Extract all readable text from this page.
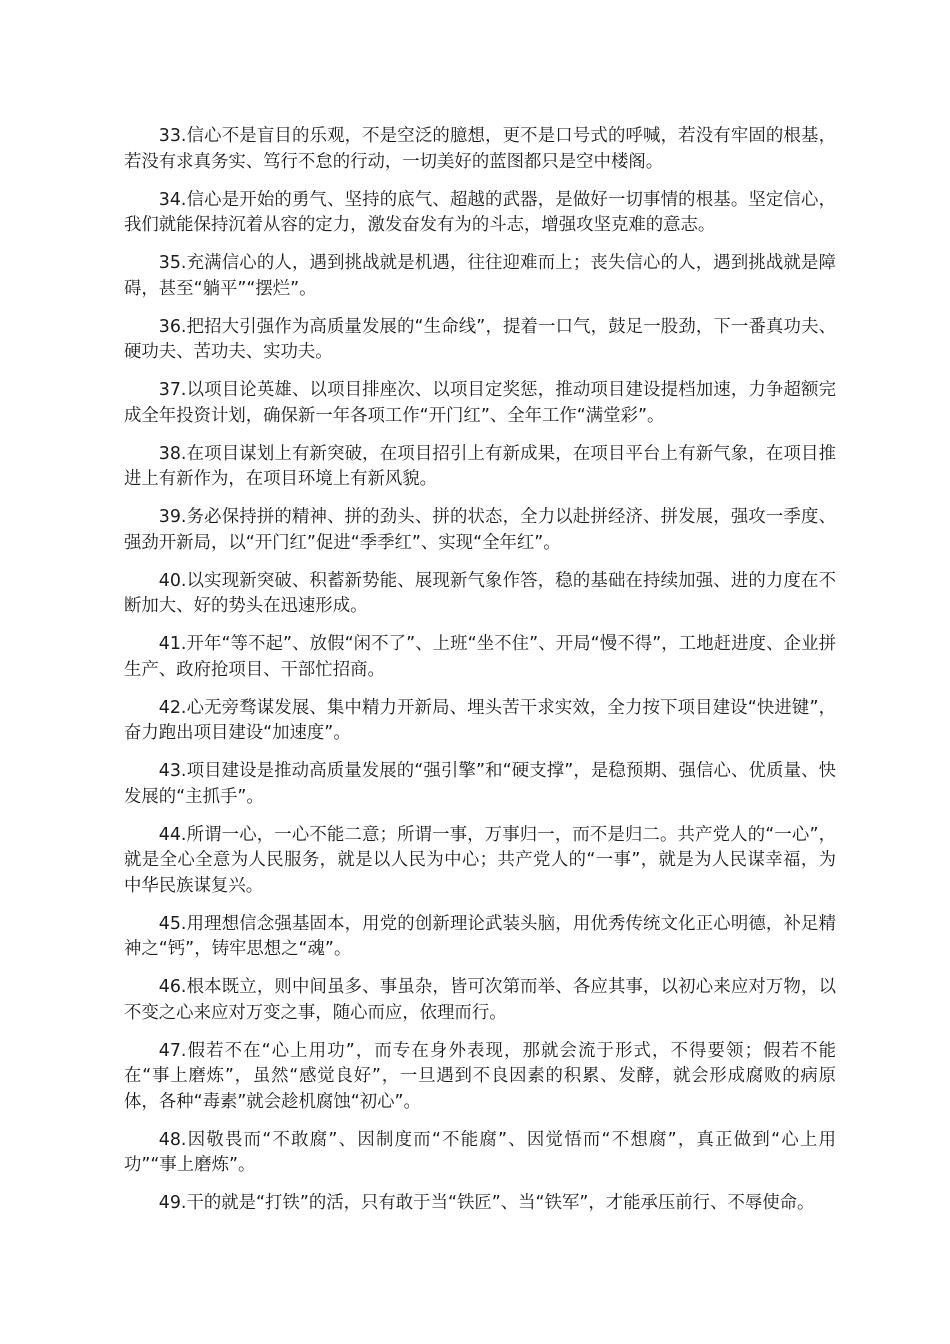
33.信心不是盲目的乐观，不是空泛的臆想，更不是口号式的呼喊，若没有牢固的根基，若没有求真务实、笃行不怠的行动，一切美好的蓝图都只是空中楼阁。

34.信心是开始的勇气、坚持的底气、超越的武器，是做好一切事情的根基。坚定信心，我们就能保持沉着从容的定力，激发奋发有为的斗志，增强攻坚克难的意志。

35.充满信心的人，遇到挑战就是机遇，往往迎难而上；丧失信心的人，遇到挑战就是障碍，甚至“躺平”“摆烂”。

36.把招大引强作为高质量发展的“生命线”，提着一口气，鼓足一股劲，下一番真功夫、硬功夫、苦功夫、实功夫。

37.以项目论英雄、以项目排座次、以项目定奖惩，推动项目建设提档加速，力争超额完成全年投资计划，确保新一年各项工作“开门红”、全年工作“满堂彩”。

38.在项目谋划上有新突破，在项目招引上有新成果，在项目平台上有新气象，在项目推进上有新作为，在项目环境上有新风貌。

39.务必保持拼的精神、拼的劲头、拼的状态，全力以赴拼经济、拼发展，强攻一季度、强劲开新局，以“开门红”促进“季季红”、实现“全年红”。

40.以实现新突破、积蓄新势能、展现新气象作答，稳的基础在持续加强、进的力度在不断加大、好的势头在迅速形成。

41.开年“等不起”、放假“闲不了”、上班“坐不住”、开局“慢不得”，工地赶进度、企业拼生产、政府抢项目、干部忙招商。

42.心无旁骛谋发展、集中精力开新局、埋头苦干求实效，全力按下项目建设“快进键”，奋力跑出项目建设“加速度”。

43.项目建设是推动高质量发展的“强引擎”和“硬支撑”，是稳预期、强信心、优质量、快发展的“主抓手”。

44.所谓一心，一心不能二意；所谓一事，万事归一，而不是归二。共产党人的“一心”，就是全心全意为人民服务，就是以人民为中心；共产党人的“一事”，就是为人民谋幸福，为中华民族谋复兴。

45.用理想信念强基固本，用党的创新理论武装头脑，用优秀传统文化正心明德，补足精神之“钙”，铸牢思想之“魂”。

46.根本既立，则中间虽多、事虽杂，皆可次第而举、各应其事，以初心来应对万物，以不变之心来应对万变之事，随心而应，依理而行。

47.假若不在“心上用功”，而专在身外表现，那就会流于形式，不得要领；假若不能在“事上磨炼”，虽然“感觉良好”，一旦遇到不良因素的积累、发酵，就会形成腐败的病原体，各种“毒素”就会趁机腐蚀“初心”。

48.因敬畏而“不敢腐”、因制度而“不能腐”、因觉悟而“不想腐”，真正做到“心上用功”“事上磨炼”。

49.干的就是“打铁”的活，只有敢于当“铁匠”、当“铁军”，才能承压前行、不辱使命。
